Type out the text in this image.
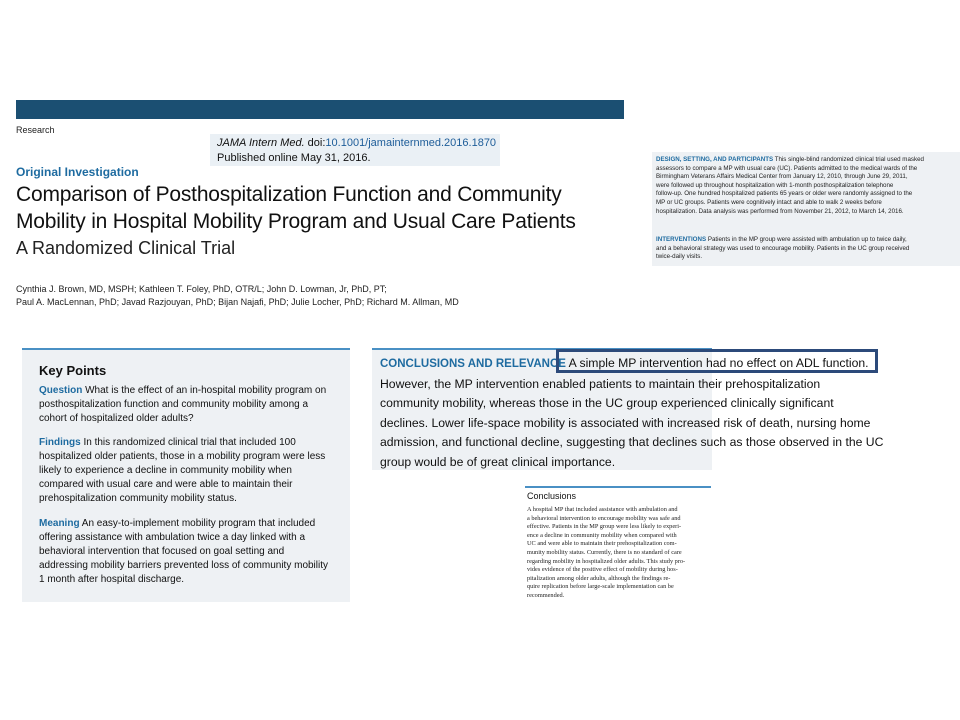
Research
JAMA Intern Med. doi:10.1001/jamainternmed.2016.1870
Published online May 31, 2016.
Original Investigation
Comparison of Posthospitalization Function and Community
Mobility in Hospital Mobility Program and Usual Care Patients
A Randomized Clinical Trial
Cynthia J. Brown, MD, MSPH; Kathleen T. Foley, PhD, OTR/L; John D. Lowman, Jr, PhD, PT;
Paul A. MacLennan, PhD; Javad Razjouyan, PhD; Bijan Najafi, PhD; Julie Locher, PhD; Richard M. Allman, MD
DESIGN, SETTING, AND PARTICIPANTS This single-blind randomized clinical trial used masked
assessors to compare a MP with usual care (UC). Patients admitted to the medical wards of the
Birmingham Veterans Affairs Medical Center from January 12, 2010, through June 29, 2011,
were followed up throughout hospitalization with 1-month posthospitalization telephone
follow-up. One hundred hospitalized patients 65 years or older were randomly assigned to the
MP or UC groups. Patients were cognitively intact and able to walk 2 weeks before
hospitalization. Data analysis was performed from November 21, 2012, to March 14, 2016.
INTERVENTIONS Patients in the MP group were assisted with ambulation up to twice daily,
and a behavioral strategy was used to encourage mobility. Patients in the UC group received
twice-daily visits.
Key Points
Question What is the effect of an in-hospital mobility program on
posthospitalization function and community mobility among a
cohort of hospitalized older adults?
Findings In this randomized clinical trial that included 100
hospitalized older patients, those in a mobility program were less
likely to experience a decline in community mobility when
compared with usual care and were able to maintain their
prehospitalization community mobility status.
Meaning An easy-to-implement mobility program that included
offering assistance with ambulation twice a day linked with a
behavioral intervention that focused on goal setting and
addressing mobility barriers prevented loss of community mobility
1 month after hospital discharge.
CONCLUSIONS AND RELEVANCE A simple MP intervention had no effect on ADL function.
However, the MP intervention enabled patients to maintain their prehospitalization
community mobility, whereas those in the UC group experienced clinically significant
declines. Lower life-space mobility is associated with increased risk of death, nursing home
admission, and functional decline, suggesting that declines such as those observed in the UC
group would be of great clinical importance.
Conclusions
A hospital MP that included assistance with ambulation and
a behavioral intervention to encourage mobility was safe and
effective. Patients in the MP group were less likely to experi-
ence a decline in community mobility when compared with
UC and were able to maintain their prehospitalization com-
munity mobility status. Currently, there is no standard of care
regarding mobility in hospitalized older adults. This study pro-
vides evidence of the positive effect of mobility during hos-
pitalization among older adults, although the findings re-
quire replication before large-scale implementation can be
recommended.
